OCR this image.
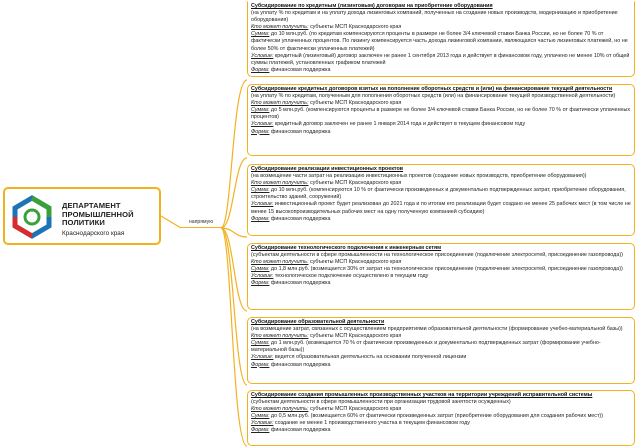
ДЕПАРТАМЕНТ ПРОМЫШЛЕННОЙ ПОЛИТИКИ
Краснодарского края
напрямую

Субсидирование по кредитным (лизинговым) договорам на приобретение оборудования

(на уплату % по кредитам и на уплату дохода лизинговых компаний, полученных на создание новых производств, модернизацию и приобретение оборудования)

Кто может получить: субъекты МСП Краснодарского края

Сумма: до 10 млн.руб. (по кредитам компенсируются проценты в размере не более 3/4 ключевой ставки Банка России, но не более 70 % от фактически уплаченных процентов. По лизингу компенсируется часть дохода лизинговой компании, являющаяся частью лизинговых платежей, но не более 50% от фактически уплаченных платежей)

Условие: кредитный (лизинговый) договор заключен не ранее 1 сентября 2013 года и действует в финансовом году, уплачено не менее 10% от общей суммы платежей, установленных графиком платежей

Форма: финансовая поддержка

Субсидирование кредитных договоров взятых на пополнение оборотных средств и (или) на финансирование текущей деятельности

(на уплату % по кредитам, полученным для пополнения оборотных средств (или) на финансирование текущей производственной деятельности)

Кто может получить: субъекты МСП Краснодарского края

Сумма: до 5 млн.руб. (компенсируются проценты в размере не более 3/4 ключевой ставки Банка России, но не более 70 % от фактически уплаченных процентов)

Условие: кредитный договор заключен не ранее 1 января 2014 года и действует в текущем финансовом году

Форма: финансовая поддержка

Субсидирование реализации инвестиционных проектов

(на возмещение части затрат на реализацию инвестиционных проектов (создание новых производств, приобретение оборудования))

Кто может получить: субъекты МСП Краснодарского края

Сумма: до 10 млн.руб. (компенсируются 10 % от фактически произведенных и документально подтвержденных затрат, приобретение оборудования, строительство зданий, сооружений)

Условие: инвестиционный проект будет реализован до 2021 года и по итогам его реализации будет создано не менее 25 рабочих мест (в том числе не менее 15 высокопроизводительных рабочих мест на одну полученную компанией субсидию)

Форма: финансовая поддержка

Субсидирование технологического подключения к инженерным сетям

(субъектам деятельности в сфере промышленности на технологическое присоединение (подключение электросетей, присоединение газопровода))

Кто может получить: субъекты МСП Краснодарского края

Сумма: до 1,8 млн.руб. (возмещается 30% от затрат на технологическое присоединение (подключение электросетей, присоединение газопровода))

Условие: технологическое подключение осуществлено в текущем году

Форма: финансовая поддержка

Субсидирование образовательной деятельности

(на возмещение затрат, связанных с осуществлением предприятиями образовательной деятельности (формирование учебно-материальной базы))

Кто может получить: субъекты МСП Краснодарского края

Сумма: до 1 млн.руб. (возмещается 70 % от фактически произведенных и документально подтвержденных затрат (формирование учебно-материальной базы))

Условие: ведется образовательная деятельность на основании полученной лицензии

Форма: финансовая поддержка

Субсидирование создания промышленных производственных участков на территории учреждений исправительной системы

(субъектам деятельности в сфере промышленности при организации трудовой занятости осужденных)

Кто может получить: субъекты МСП Краснодарского края

Сумма: до 0,5 млн.руб. (возмещается 60% от фактически произведенных затрат (приобретение оборудования для создания рабочих мест))

Условие: создание не менее 1 производственного участка в текущем финансовом году

Форма: финансовая поддержка
